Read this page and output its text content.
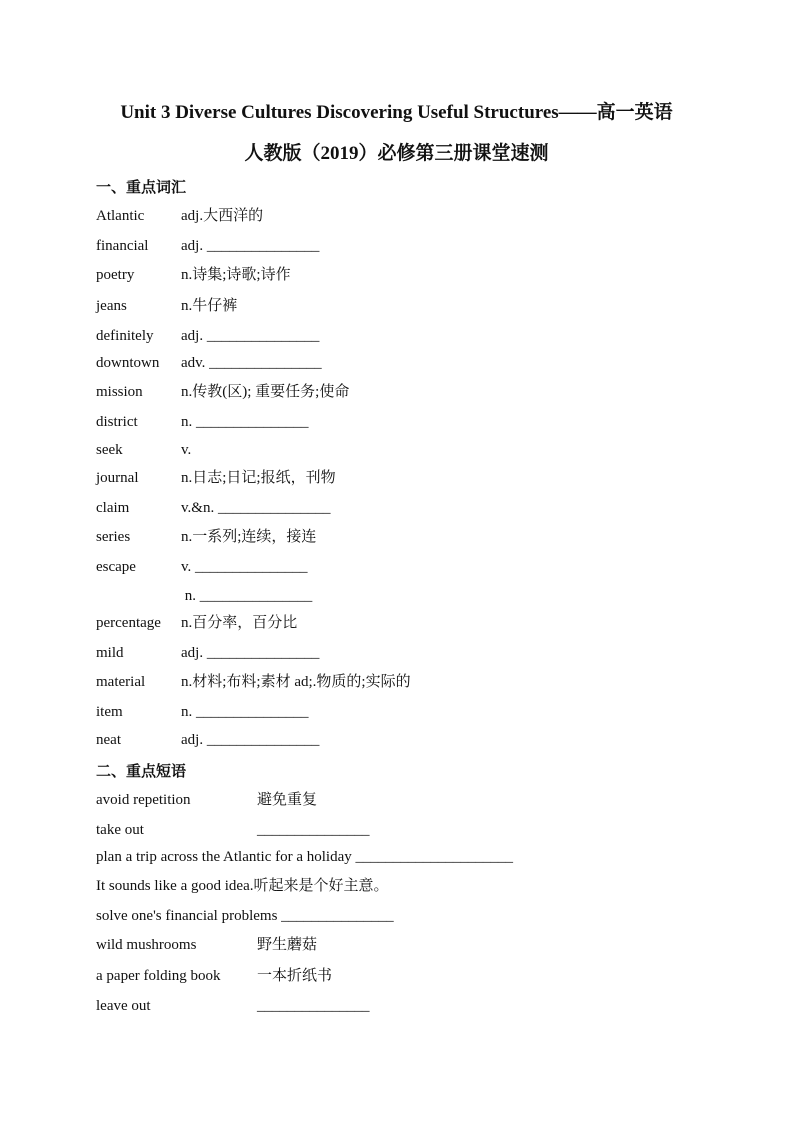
Unit 3 Diverse Cultures Discovering Useful Structures——高一英语
人教版（2019）必修第三册课堂速测
一、重点词汇
Atlantic adj.大西洋的
financial adj. _______________
poetry	n.诗集;诗歌;诗作
jeans	n.牛仔裤
definitely adj. _______________
downtown adv. _______________
mission	n.传教(区); 重要任务;使命
district	n. _______________
seek	v.
journal	n.日志;日记;报纸，刊物
claim	v.&n. _______________
series	n.一系列;连续，接连
escape	v. _______________
n. _______________
percentage n.百分率，百分比
mild	adj. _______________
material n.材料;布料;素材 ad;.物质的;实际的
item	n. _______________
neat	adj. _______________
二、重点短语
avoid repetition	避免重复
take out	_______________
plan a trip across the Atlantic for a holiday _____________________
It sounds like a good idea.听起来是个好主意。
solve one's financial problems _______________
wild mushrooms	野生蘑菇
a paper folding book 一本折纸书
leave out	_______________
